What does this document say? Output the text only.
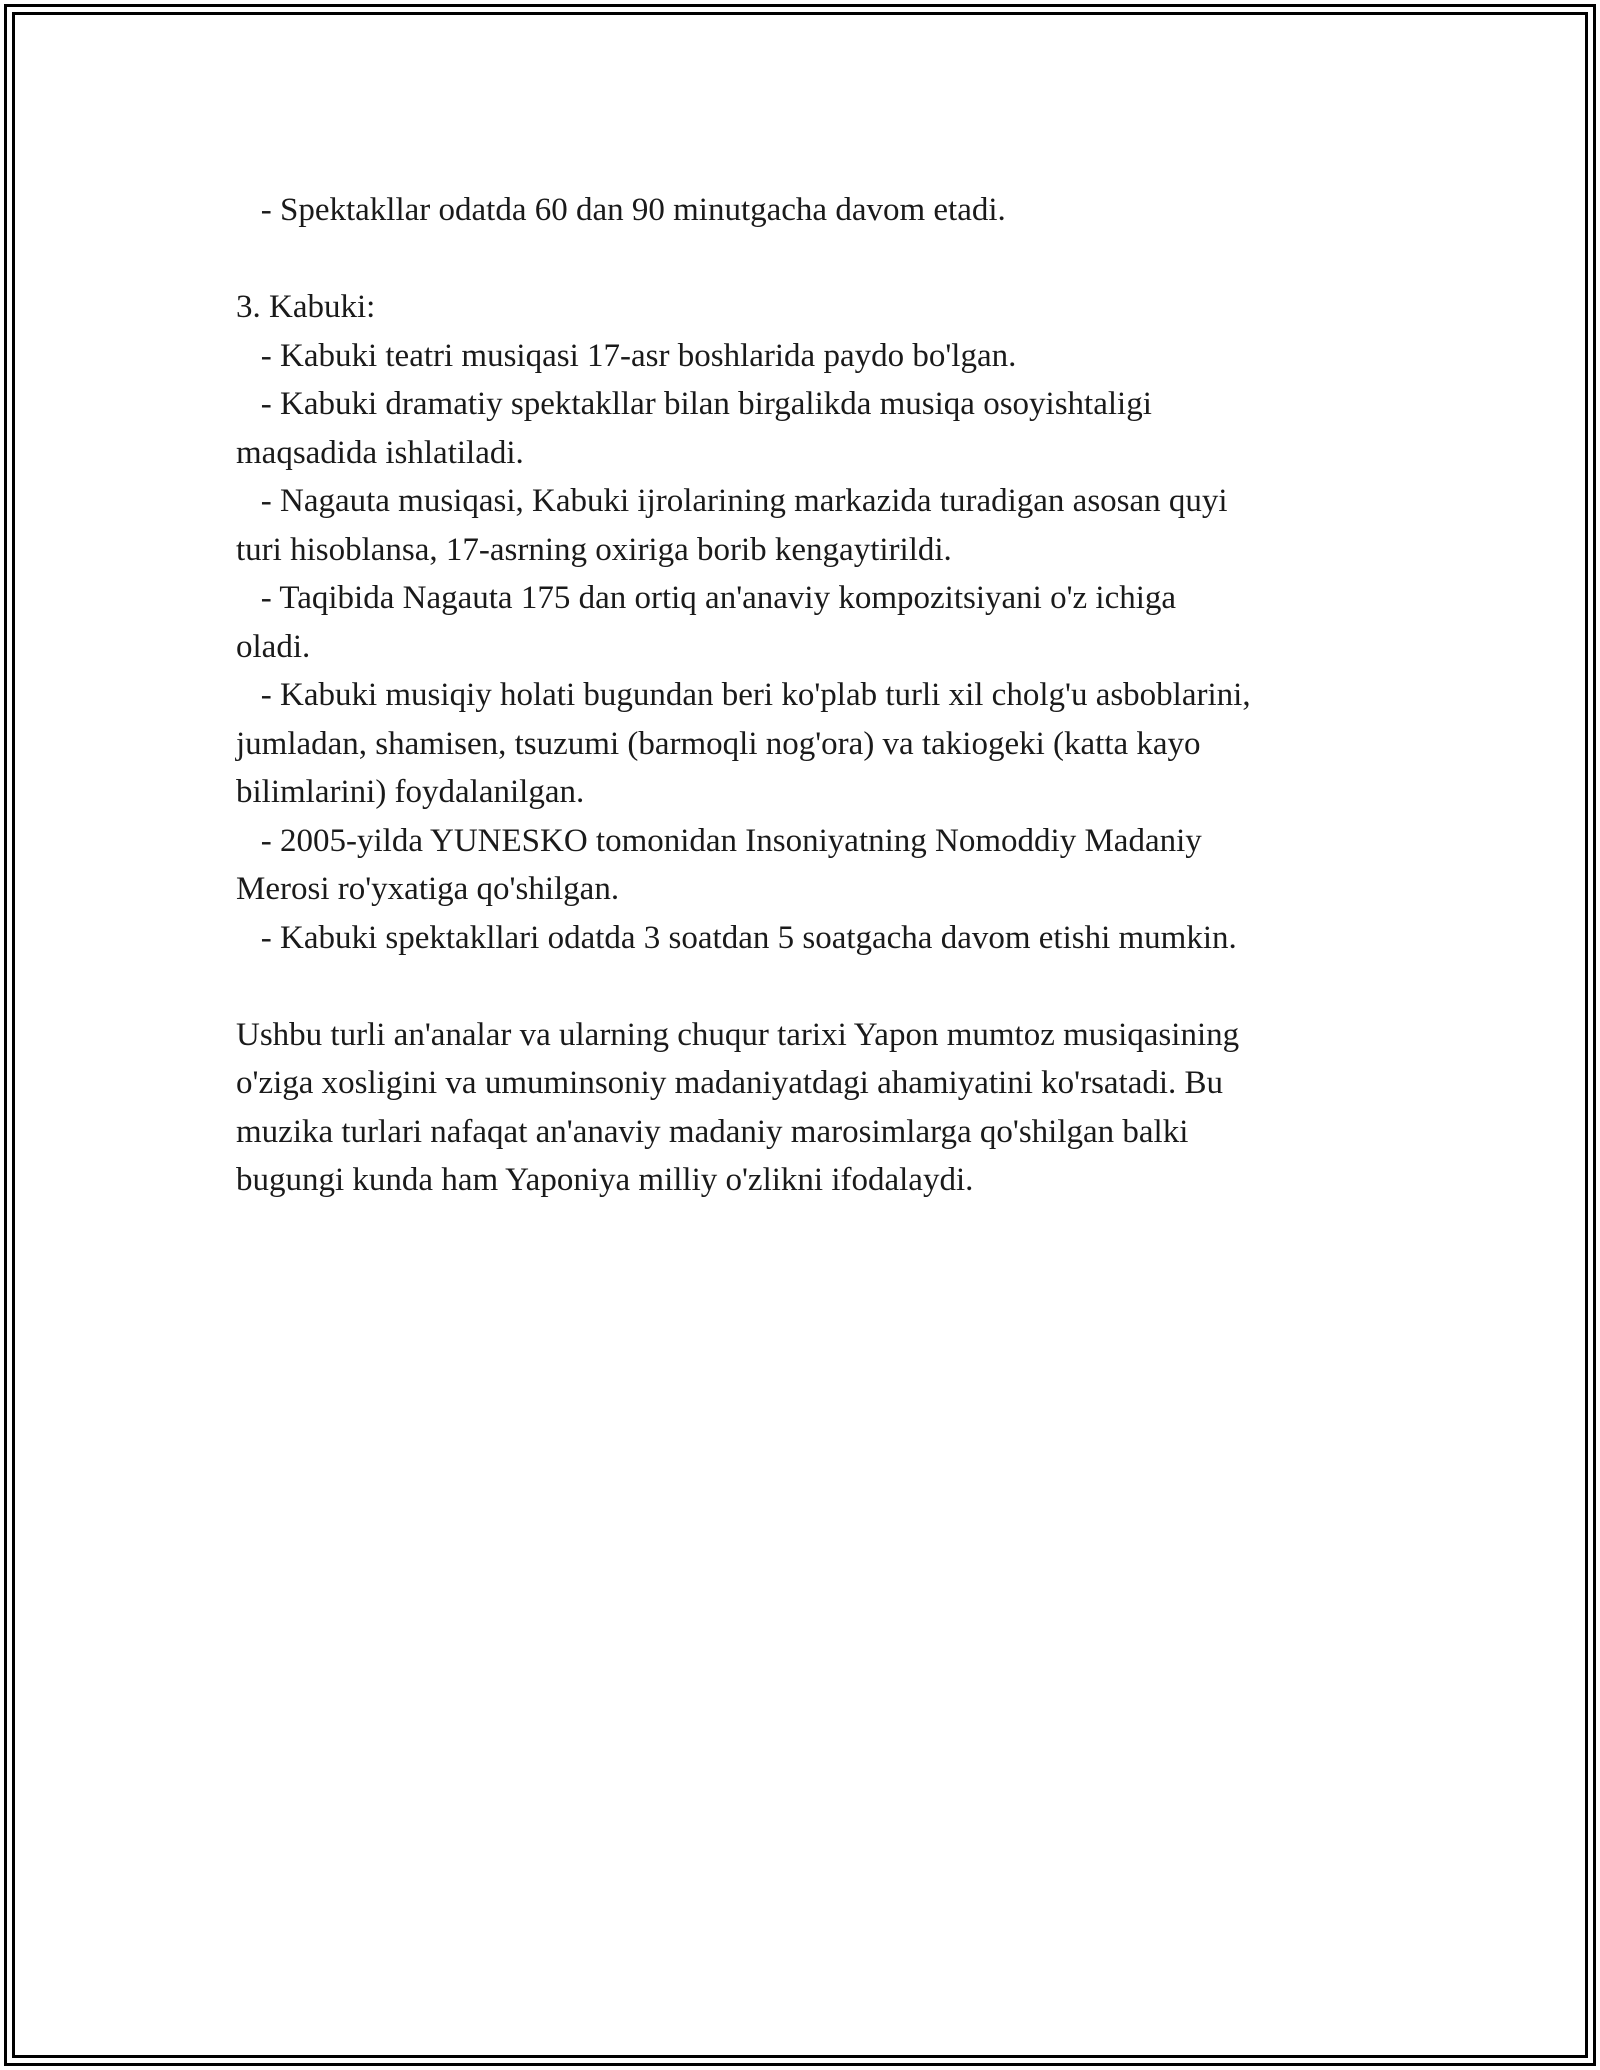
- Spektakllar odatda 60 dan 90 minutgacha davom etadi.
3. Kabuki:
- Kabuki teatri musiqasi 17-asr boshlarida paydo bo'lgan.
- Kabuki dramatiy spektakllar bilan birgalikda musiqa osoyishtaligi
maqsadida ishlatiladi.
- Nagauta musiqasi, Kabuki ijrolarining markazida turadigan asosan quyi
turi hisoblansa, 17-asrning oxiriga borib kengaytirildi.
- Taqibida Nagauta 175 dan ortiq an'anaviy kompozitsiyani o'z ichiga
oladi.
- Kabuki musiqiy holati bugundan beri ko'plab turli xil cholg'u asboblarini,
jumladan, shamisen, tsuzumi (barmoqli nog'ora) va takiogeki (katta kayo
bilimlarini) foydalanilgan.
- 2005-yilda YUNESKO tomonidan Insoniyatning Nomoddiy Madaniy
Merosi ro'yxatiga qo'shilgan.
- Kabuki spektakllari odatda 3 soatdan 5 soatgacha davom etishi mumkin.
Ushbu turli an'analar va ularning chuqur tarixi Yapon mumtoz musiqasining
o'ziga xosligini va umuminsoniy madaniyatdagi ahamiyatini ko'rsatadi. Bu
muzika turlari nafaqat an'anaviy madaniy marosimlarga qo'shilgan balki
bugungi kunda ham Yaponiya milliy o'zlikni ifodalaydi.
